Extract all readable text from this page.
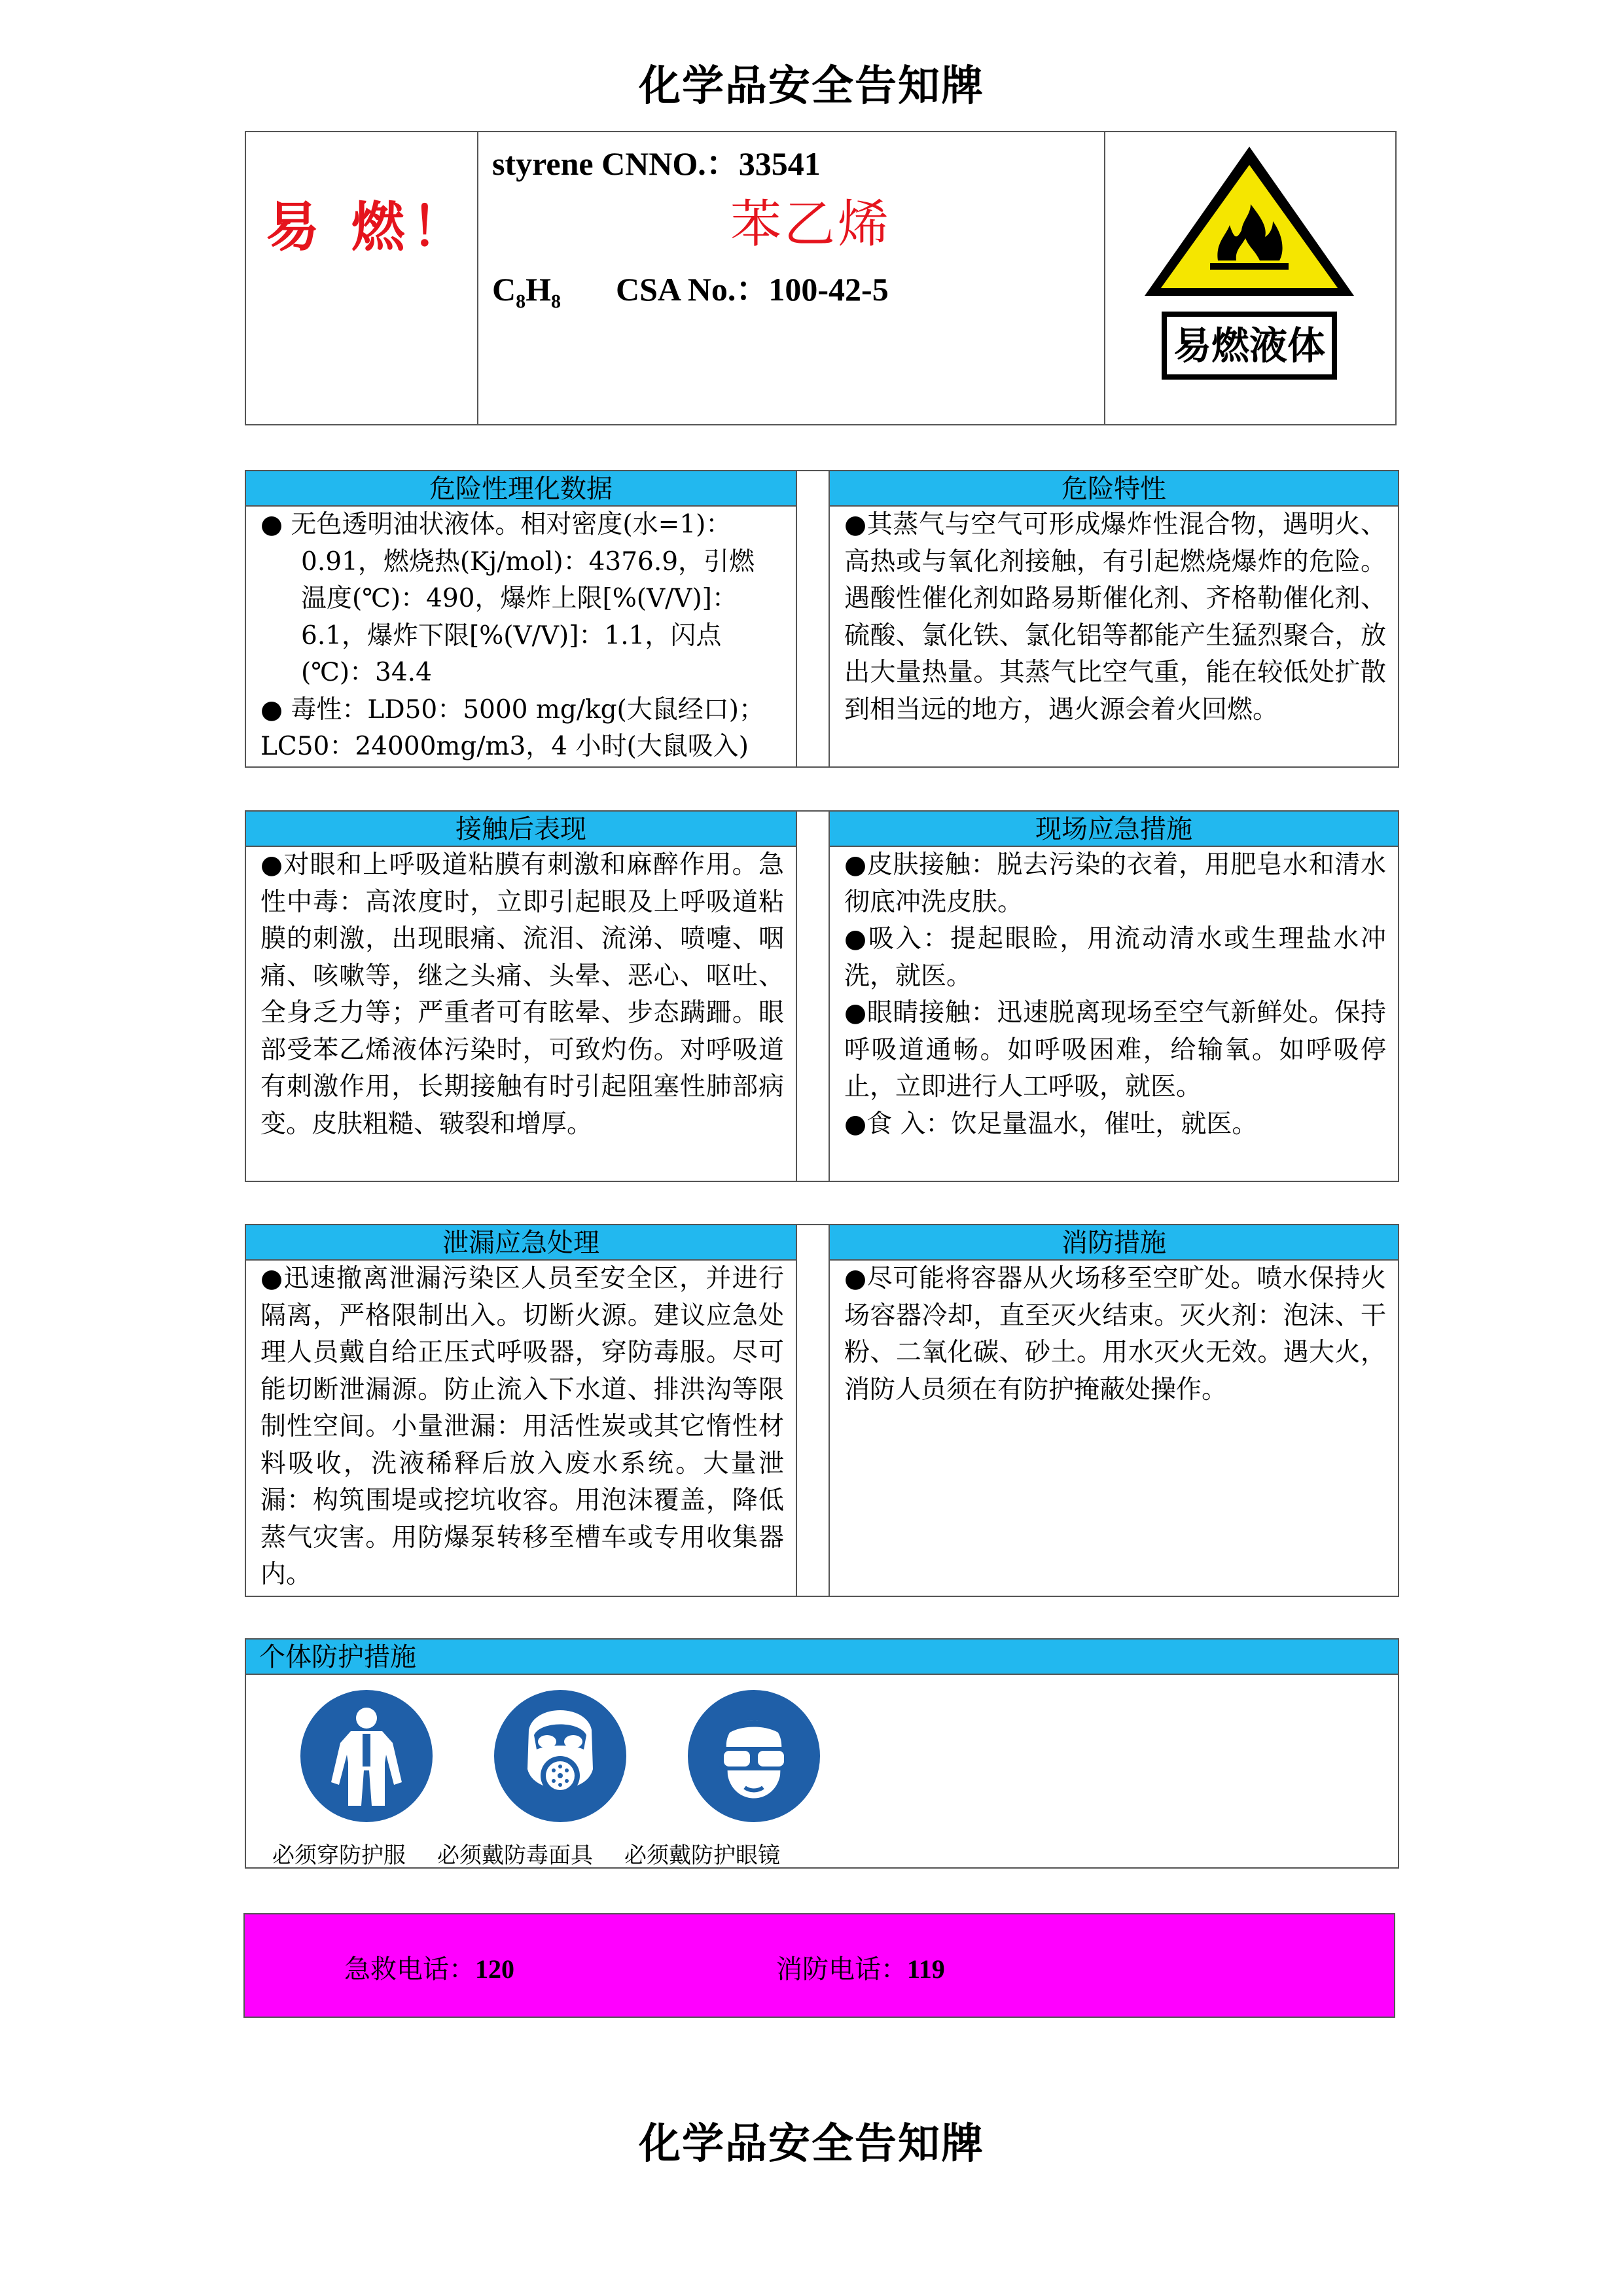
化学品安全告知牌
易燃液体
易 燃！
styrene CNNO.：33541
苯乙烯
$C_8H_8$ CSA No.：100-42-5
危险性理化数据

● 无色透明油状液体。相对密度(水=1)：

0.91，燃烧热(Kj/mol)：4376.9，引燃

温度(℃)：490，爆炸上限[%(V/V)]：

6.1，爆炸下限[%(V/V)]：1.1，闪点

(℃)：34.4

● 毒性：LD50：5000 mg/kg(大鼠经口)；

LC50：24000mg/m3，4 小时(大鼠吸入)

危险特性
●其蒸气与空气可形成爆炸性混合物，遇明火、高热或与氧化剂接触，有引起燃烧爆炸的危险。遇酸性催化剂如路易斯催化剂、齐格勒催化剂、硫酸、氯化铁、氯化铝等都能产生猛烈聚合，放出大量热量。其蒸气比空气重，能在较低处扩散到相当远的地方，遇火源会着火回燃。
接触后表现
●对眼和上呼吸道粘膜有刺激和麻醉作用。急性中毒：高浓度时，立即引起眼及上呼吸道粘膜的刺激，出现眼痛、流泪、流涕、喷嚏、咽痛、咳嗽等，继之头痛、头晕、恶心、呕吐、全身乏力等；严重者可有眩晕、步态蹒跚。眼部受苯乙烯液体污染时，可致灼伤。对呼吸道有刺激作用，长期接触有时引起阻塞性肺部病变。皮肤粗糙、皲裂和增厚。
现场应急措施

●皮肤接触：脱去污染的衣着，用肥皂水和清水彻底冲洗皮肤。

●吸入：提起眼睑，用流动清水或生理盐水冲洗，就医。

●眼睛接触：迅速脱离现场至空气新鲜处。保持呼吸道通畅。如呼吸困难，给输氧。如呼吸停止，立即进行人工呼吸，就医。

●食 入：饮足量温水，催吐，就医。

泄漏应急处理
●迅速撤离泄漏污染区人员至安全区，并进行隔离，严格限制出入。切断火源。建议应急处理人员戴自给正压式呼吸器，穿防毒服。尽可能切断泄漏源。防止流入下水道、排洪沟等限制性空间。小量泄漏：用活性炭或其它惰性材料吸收，洗液稀释后放入废水系统。大量泄漏：构筑围堤或挖坑收容。用泡沫覆盖，降低蒸气灾害。用防爆泵转移至槽车或专用收集器内。
消防措施
●尽可能将容器从火场移至空旷处。喷水保持火场容器冷却，直至灭火结束。灭火剂：泡沫、干粉、二氧化碳、砂土。用水灭火无效。遇大火，消防人员须在有防护掩蔽处操作。
个体防护措施
必须穿防护服 必须戴防毒面具 必须戴防护眼镜
急救电话：120	消防电话：119
化学品安全告知牌
